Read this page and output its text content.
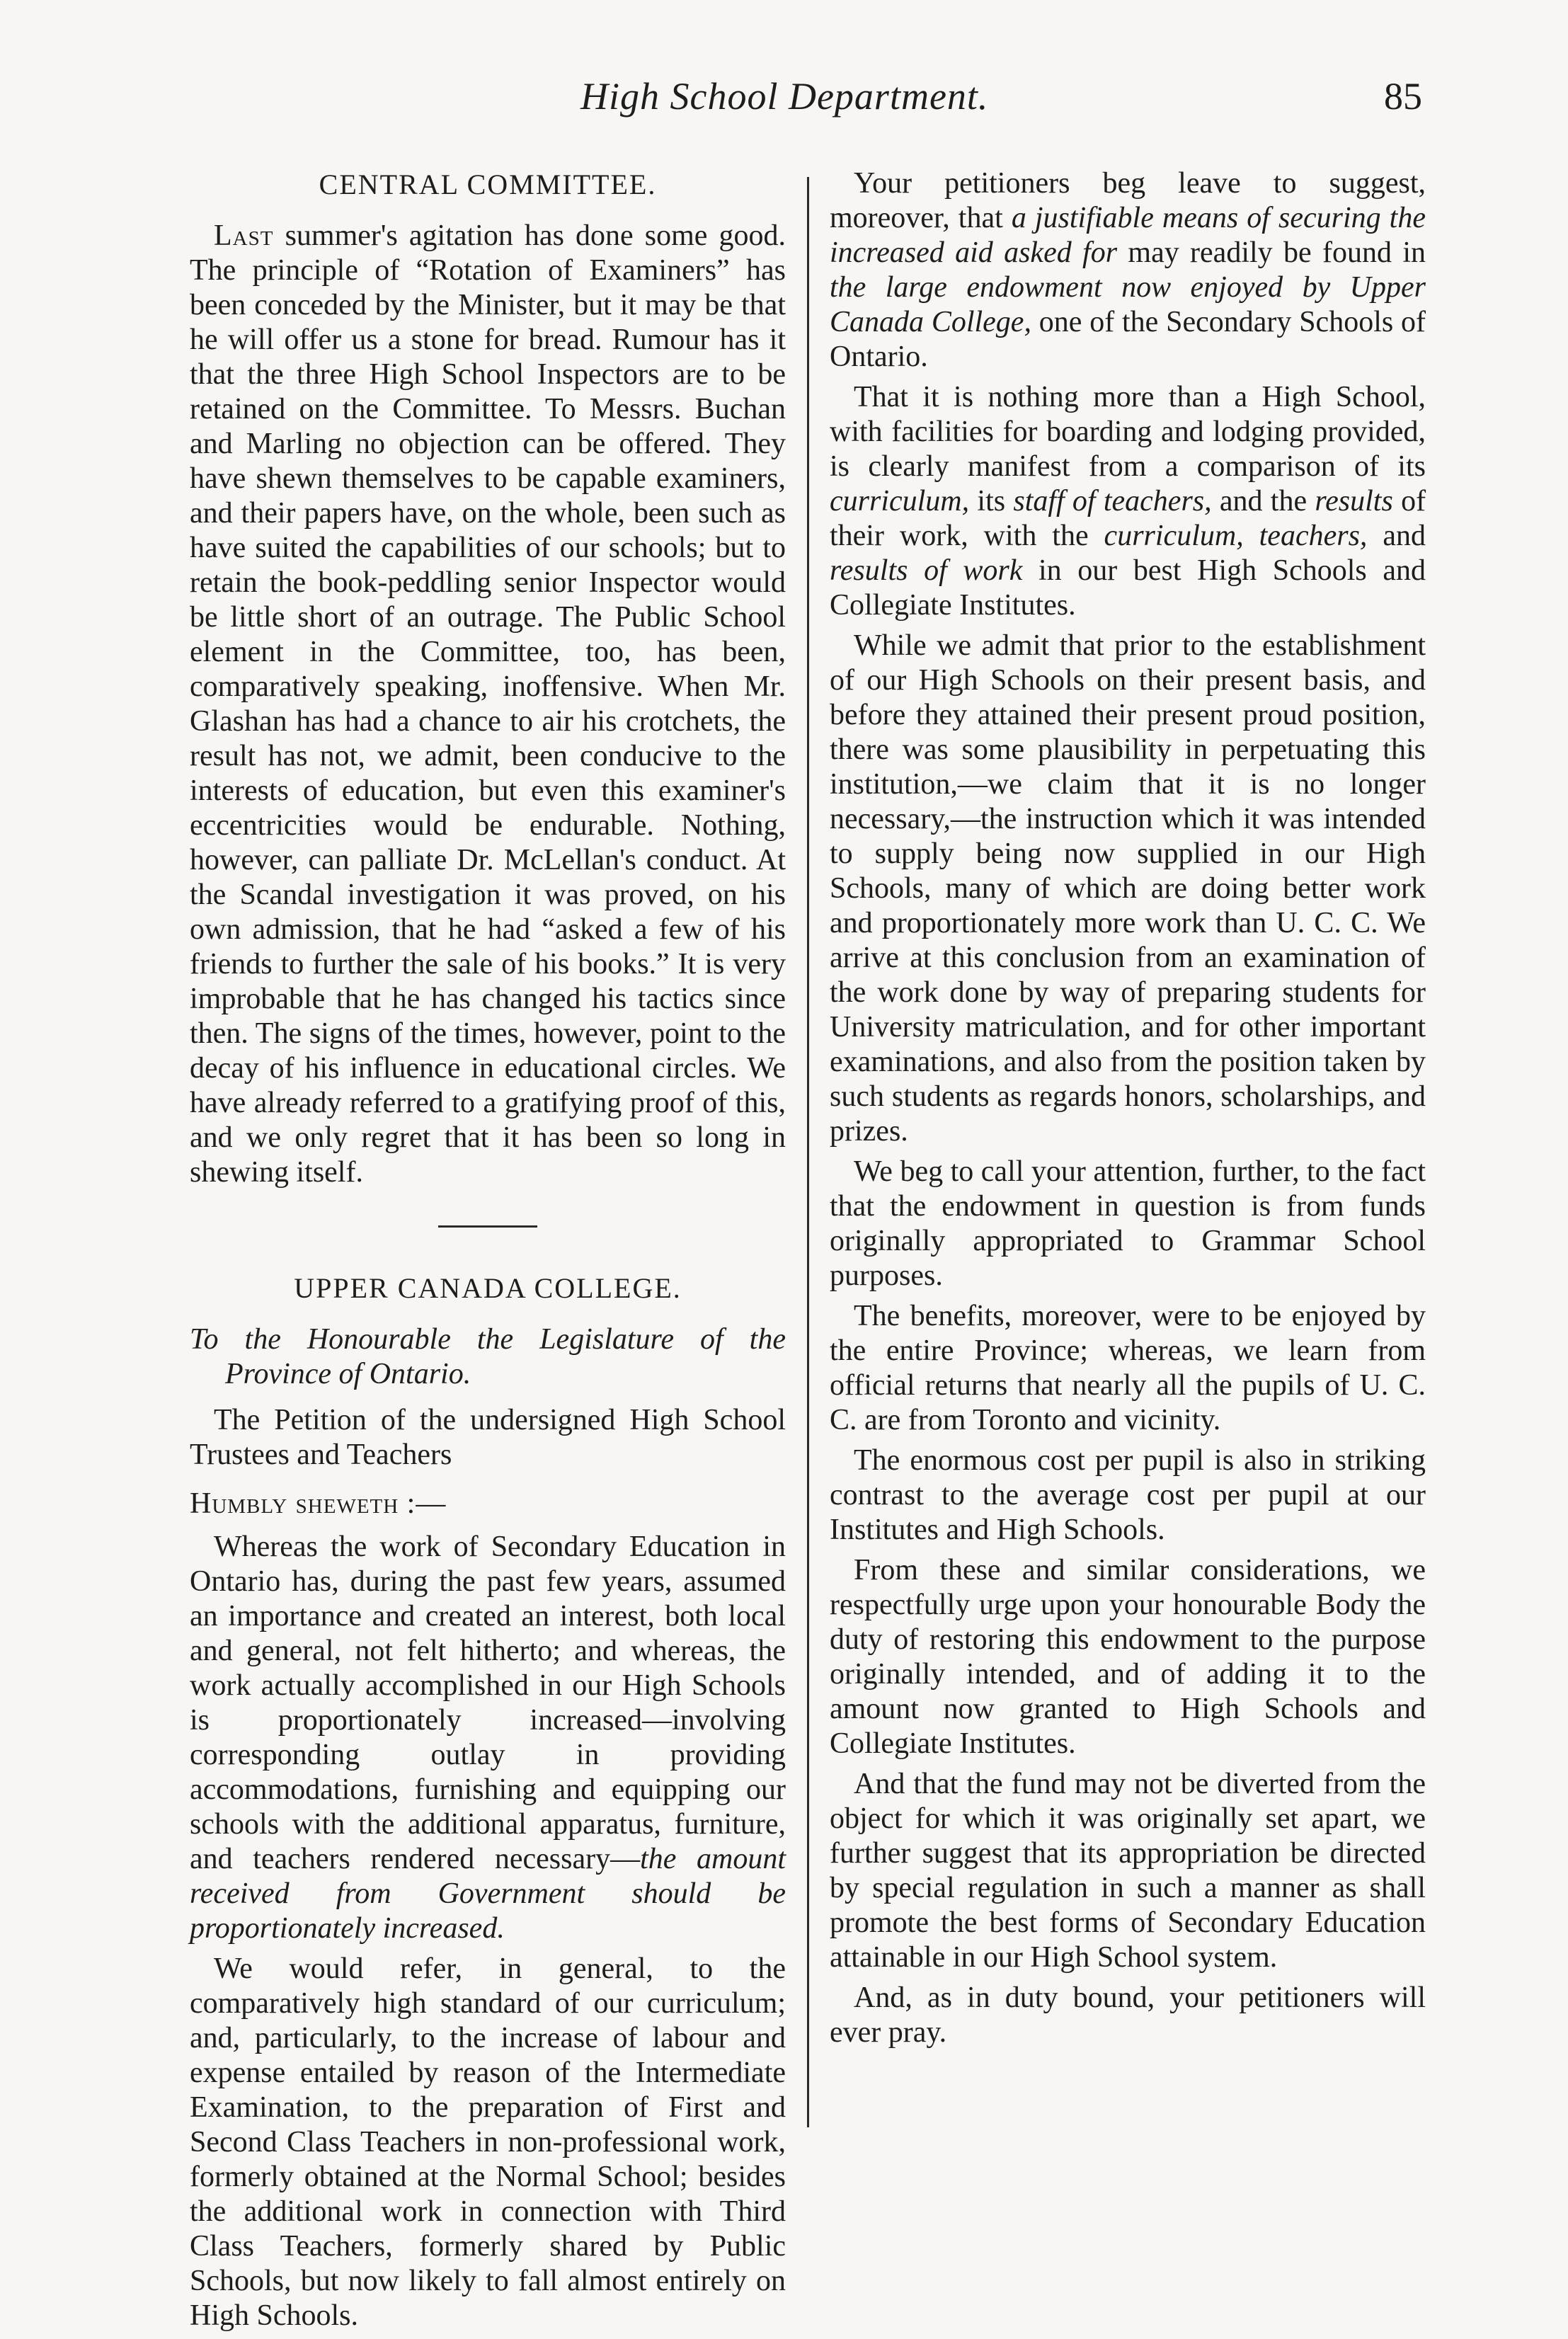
High School Department.	85
CENTRAL COMMITTEE.

Last summer's agitation has done some good. The principle of “Rotation of Examiners” has been conceded by the Minister, but it may be that he will offer us a stone for bread. Rumour has it that the three High School Inspectors are to be retained on the Committee. To Messrs. Buchan and Marling no objection can be offered. They have shewn themselves to be capable examiners, and their papers have, on the whole, been such as have suited the capabilities of our schools; but to retain the book-peddling senior Inspector would be little short of an outrage. The Public School element in the Committee, too, has been, comparatively speaking, inoffensive. When Mr. Glashan has had a chance to air his crotchets, the result has not, we admit, been conducive to the interests of education, but even this examiner's eccentricities would be endurable. Nothing, however, can palliate Dr. McLellan's conduct. At the Scandal investigation it was proved, on his own admission, that he had “asked a few of his friends to further the sale of his books.” It is very improbable that he has changed his tactics since then. The signs of the times, however, point to the decay of his influence in educational circles. We have already referred to a gratifying proof of this, and we only regret that it has been so long in shewing itself.

UPPER CANADA COLLEGE.

To the Honourable the Legislature of the Province of Ontario.

The Petition of the undersigned High School Trustees and Teachers

Humbly sheweth :—

Whereas the work of Secondary Education in Ontario has, during the past few years, assumed an importance and created an interest, both local and general, not felt hitherto; and whereas, the work actually accomplished in our High Schools is proportionately increased—involving corresponding outlay in providing accommodations, furnishing and equipping our schools with the additional apparatus, furniture, and teachers rendered necessary—the amount received from Government should be proportionately increased.

We would refer, in general, to the comparatively high standard of our curriculum; and, particularly, to the increase of labour and expense entailed by reason of the Intermediate Examination, to the preparation of First and Second Class Teachers in non-professional work, formerly obtained at the Normal School; besides the additional work in connection with Third Class Teachers, formerly shared by Public Schools, but now likely to fall almost entirely on High Schools.

Your petitioners beg leave to suggest, moreover, that a justifiable means of securing the increased aid asked for may readily be found in the large endowment now enjoyed by Upper Canada College, one of the Secondary Schools of Ontario.

That it is nothing more than a High School, with facilities for boarding and lodging provided, is clearly manifest from a comparison of its curriculum, its staff of teachers, and the results of their work, with the curriculum, teachers, and results of work in our best High Schools and Collegiate Institutes.

While we admit that prior to the establishment of our High Schools on their present basis, and before they attained their present proud position, there was some plausibility in perpetuating this institution,—we claim that it is no longer necessary,—the instruction which it was intended to supply being now supplied in our High Schools, many of which are doing better work and proportionately more work than U. C. C. We arrive at this conclusion from an examination of the work done by way of preparing students for University matriculation, and for other important examinations, and also from the position taken by such students as regards honors, scholarships, and prizes.

We beg to call your attention, further, to the fact that the endowment in question is from funds originally appropriated to Grammar School purposes.

The benefits, moreover, were to be enjoyed by the entire Province; whereas, we learn from official returns that nearly all the pupils of U. C. C. are from Toronto and vicinity.

The enormous cost per pupil is also in striking contrast to the average cost per pupil at our Institutes and High Schools.

From these and similar considerations, we respectfully urge upon your honourable Body the duty of restoring this endowment to the purpose originally intended, and of adding it to the amount now granted to High Schools and Collegiate Institutes.

And that the fund may not be diverted from the object for which it was originally set apart, we further suggest that its appropriation be directed by special regulation in such a manner as shall promote the best forms of Secondary Education attainable in our High School system.

And, as in duty bound, your petitioners will ever pray.
